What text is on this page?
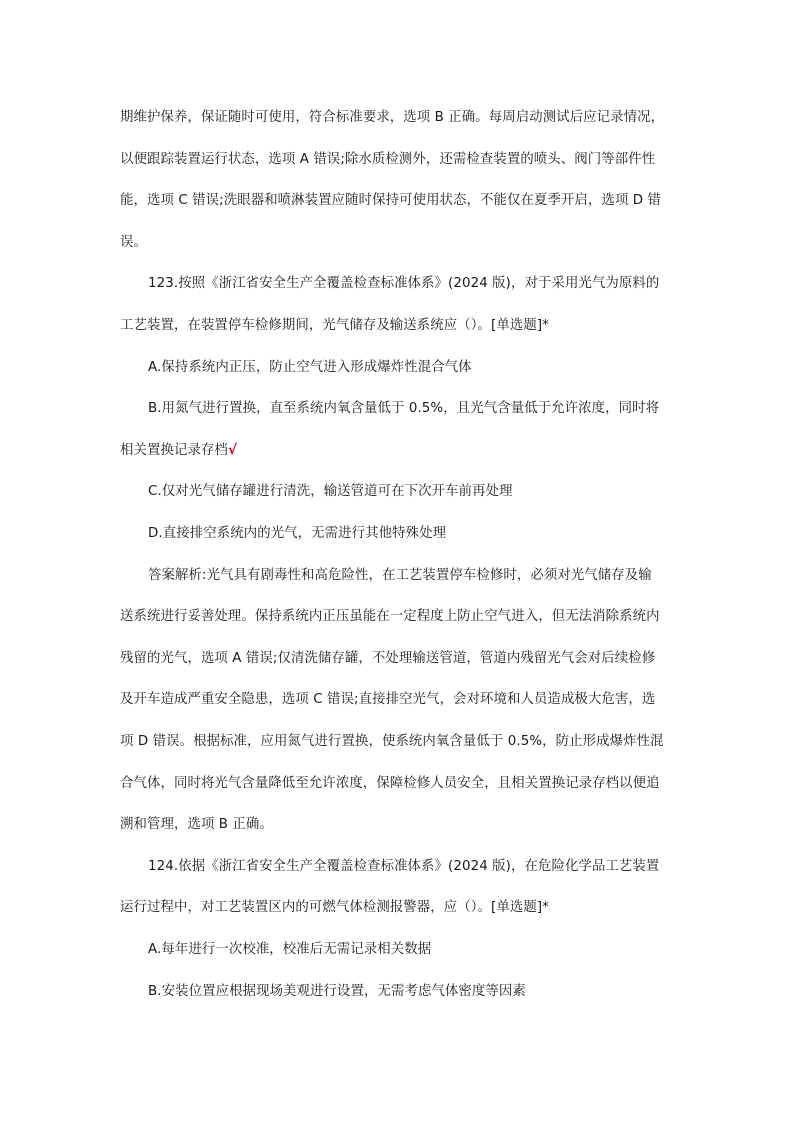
期维护保养，保证随时可使用，符合标准要求，选项 B 正确。每周启动测试后应记录情况，
以便跟踪装置运行状态，选项 A 错误;除水质检测外，还需检查装置的喷头、阀门等部件性
能，选项 C 错误;洗眼器和喷淋装置应随时保持可使用状态，不能仅在夏季开启，选项 D 错
误。
123.按照《浙江省安全生产全覆盖检查标准体系》(2024 版)，对于采用光气为原料的
工艺装置，在装置停车检修期间，光气储存及输送系统应（）。[单选题]*
A.保持系统内正压，防止空气进入形成爆炸性混合气体
B.用氮气进行置换，直至系统内氧含量低于 0.5%，且光气含量低于允许浓度，同时将
相关置换记录存档√
C.仅对光气储存罐进行清洗，输送管道可在下次开车前再处理
D.直接排空系统内的光气，无需进行其他特殊处理
答案解析:光气具有剧毒性和高危险性，在工艺装置停车检修时，必须对光气储存及输
送系统进行妥善处理。保持系统内正压虽能在一定程度上防止空气进入，但无法消除系统内
残留的光气，选项 A 错误;仅清洗储存罐，不处理输送管道，管道内残留光气会对后续检修
及开车造成严重安全隐患，选项 C 错误;直接排空光气，会对环境和人员造成极大危害，选
项 D 错误。根据标准，应用氮气进行置换，使系统内氧含量低于 0.5%，防止形成爆炸性混
合气体，同时将光气含量降低至允许浓度，保障检修人员安全，且相关置换记录存档以便追
溯和管理，选项 B 正确。
124.依据《浙江省安全生产全覆盖检查标准体系》(2024 版)，在危险化学品工艺装置
运行过程中，对工艺装置区内的可燃气体检测报警器，应（）。[单选题]*
A.每年进行一次校准，校准后无需记录相关数据
B.安装位置应根据现场美观进行设置，无需考虑气体密度等因素
